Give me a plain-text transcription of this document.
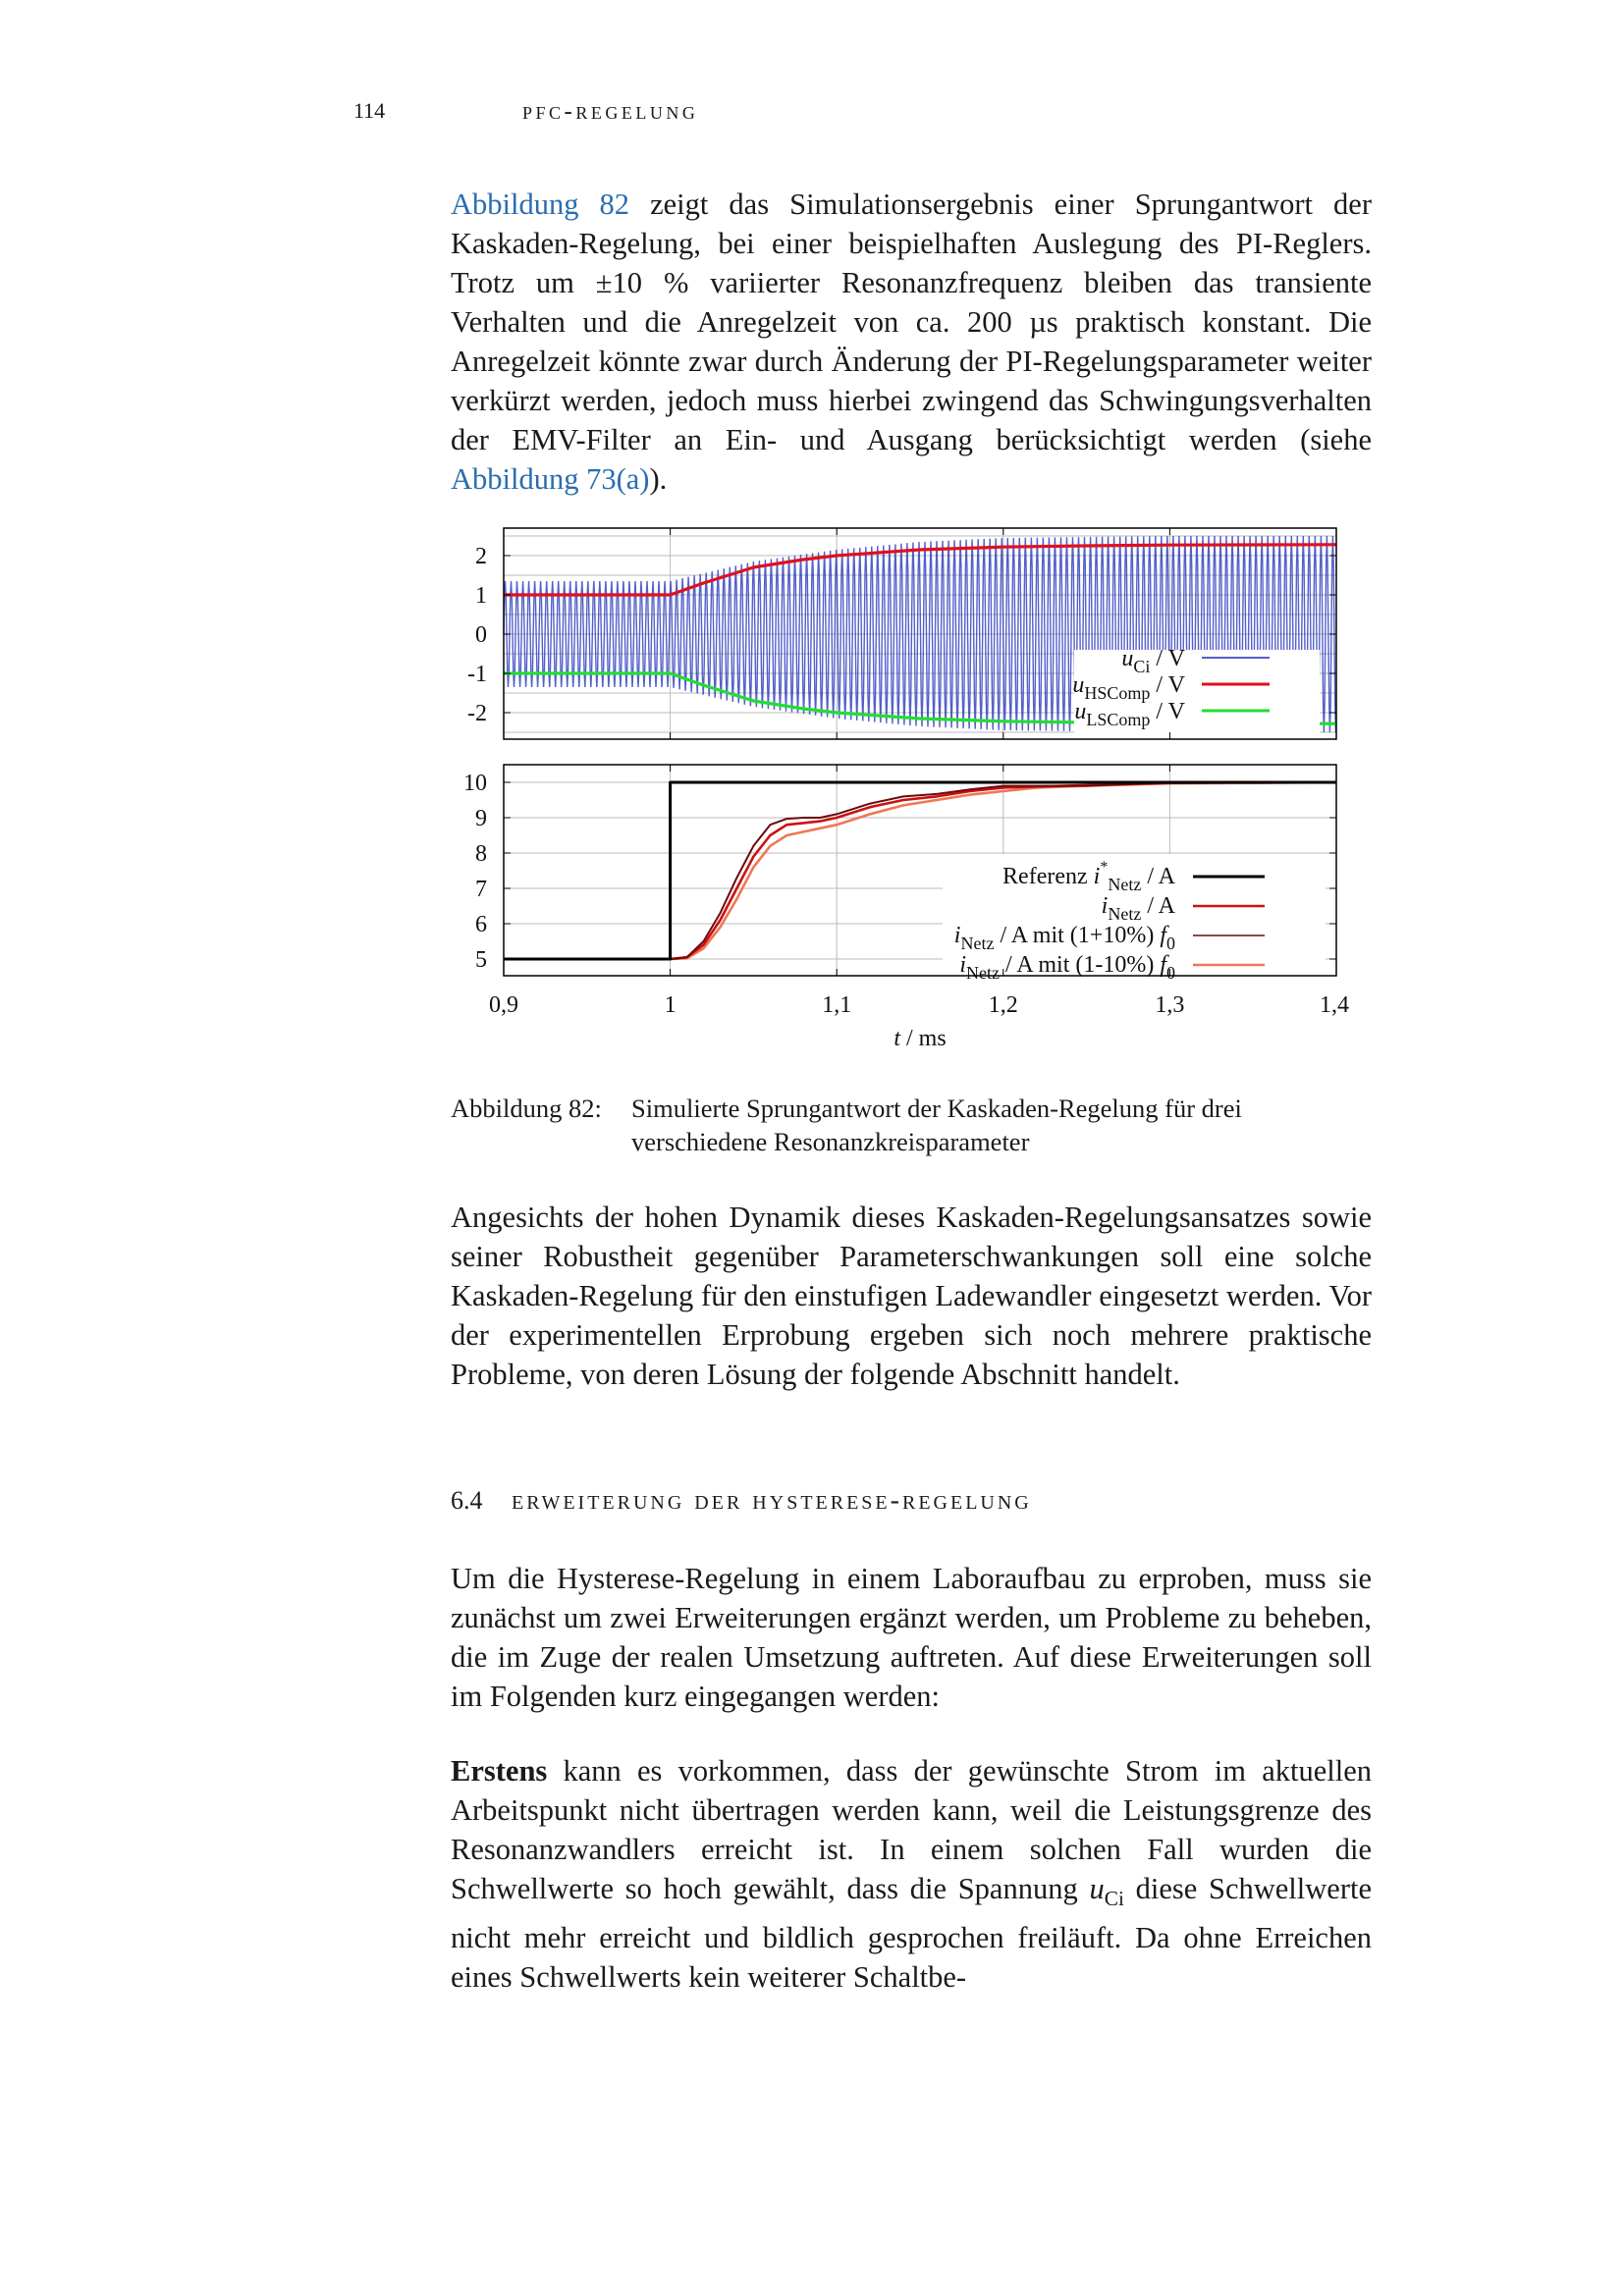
114	pfc-regelung

Abbildung 82 zeigt das Simulationsergebnis einer Sprungantwort der Kaskaden-Regelung, bei einer beispielhaften Auslegung des PI-Reglers. Trotz um ±10 % variierter Resonanzfrequenz bleiben das transiente Verhalten und die Anregelzeit von ca. 200 µs praktisch konstant. Die Anregelzeit könnte zwar durch Änderung der PI-Regelungsparameter weiter verkürzt werden, jedoch muss hierbei zwingend das Schwingungsverhalten der EMV-Filter an Ein- und Ausgang berücksichtigt werden (siehe Abbildung 73(a)).

$u_{Ci}$ / V
$u_{HSComp}$ / V
$u_{LSComp}$ / V
2
1
0
-1
-2
Referenz $i^*_{Netz}$ / A
$i_{Netz}$ / A
$i_{Netz}$ / A mit (1+10%) $f_0$
$i_{Netz}$ / A mit (1-10%) $f_0$
10
9
8
7
6
5
0,9	1	1,1	1,2	1,3	1,4
t / ms
Abbildung 82: Simulierte Sprungantwort der Kaskaden-Regelung für drei
verschiedene Resonanzkreisparameter

Angesichts der hohen Dynamik dieses Kaskaden-Regelungsansatzes sowie seiner Robustheit gegenüber Parameterschwankungen soll eine solche Kaskaden-Regelung für den einstufigen Ladewandler eingesetzt werden. Vor der experimentellen Erprobung ergeben sich noch mehrere praktische Probleme, von deren Lösung der folgende Abschnitt handelt.

6.4 erweiterung der hysterese-regelung

Um die Hysterese-Regelung in einem Laboraufbau zu erproben, muss sie zunächst um zwei Erweiterungen ergänzt werden, um Probleme zu beheben, die im Zuge der realen Umsetzung auftreten. Auf diese Erweiterungen soll im Folgenden kurz eingegangen werden:

Erstens kann es vorkommen, dass der gewünschte Strom im aktuellen Arbeitspunkt nicht übertragen werden kann, weil die Leistungsgrenze des Resonanzwandlers erreicht ist. In einem solchen Fall wurden die Schwellwerte so hoch gewählt, dass die Spannung $u_{Ci}$ diese Schwellwerte nicht mehr erreicht und bildlich gesprochen freiläuft. Da ohne Erreichen eines Schwellwerts kein weiterer Schaltbe-
